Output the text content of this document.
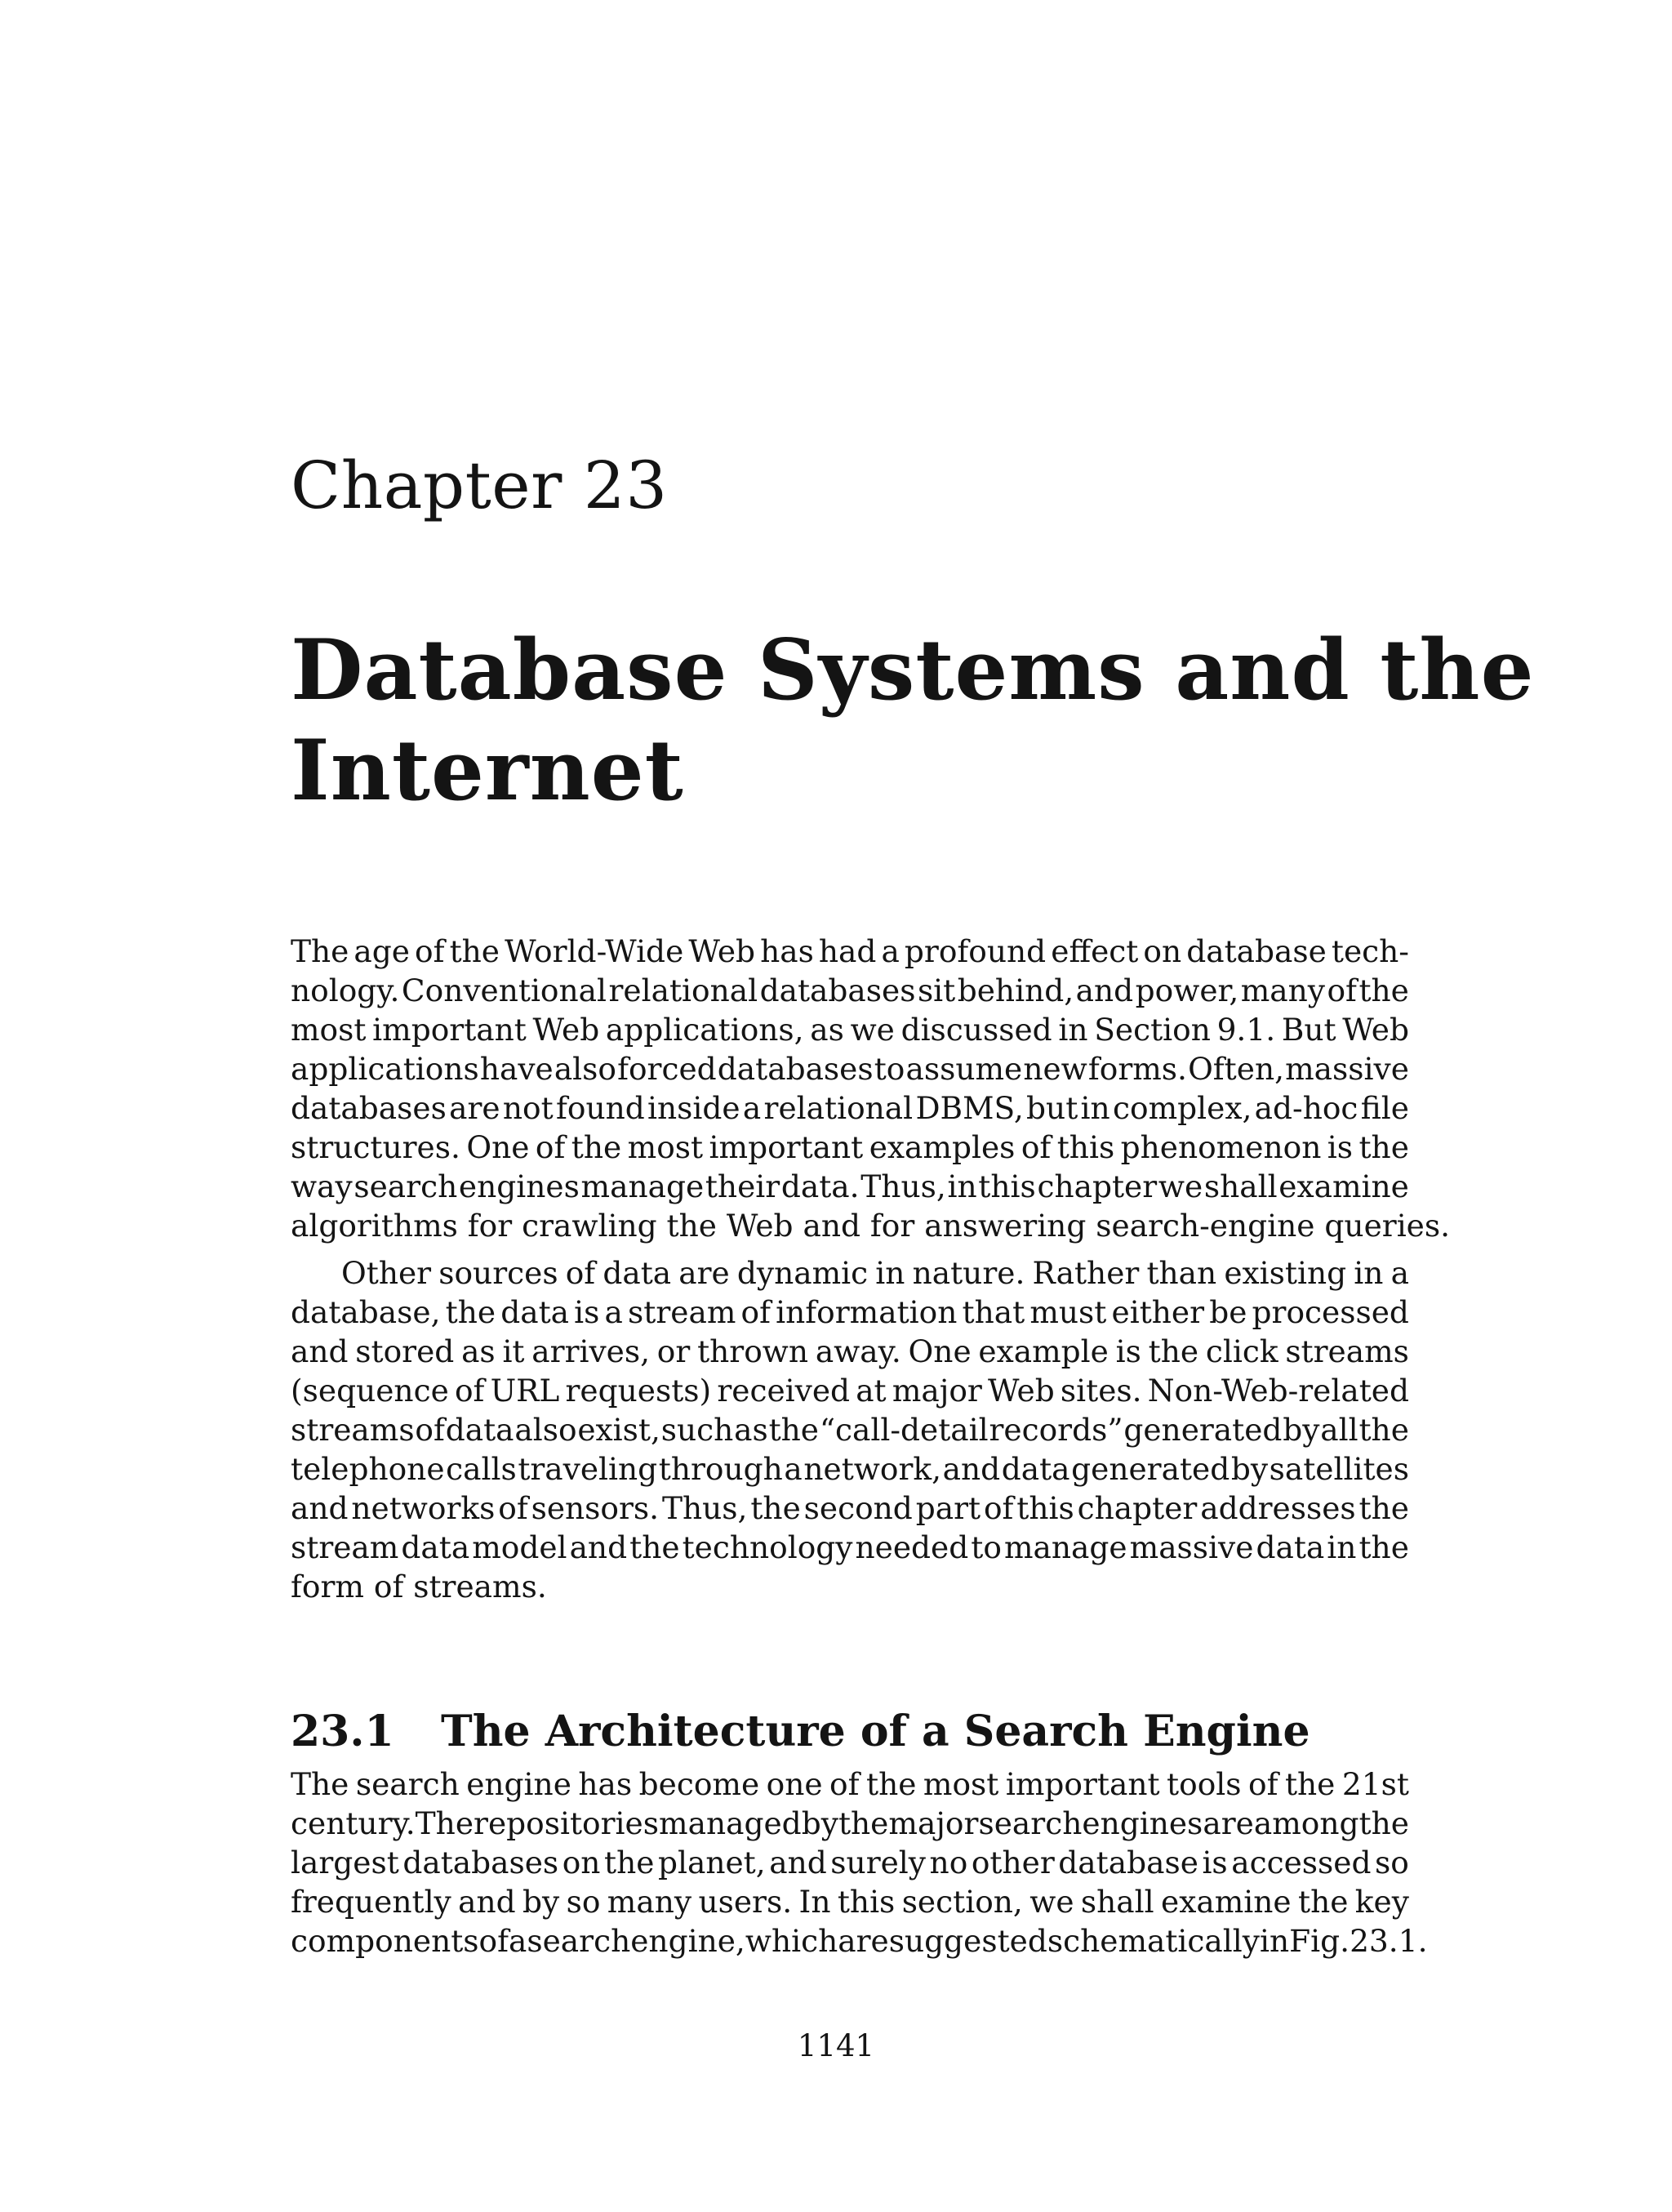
Chapter 23
Database Systems and the
Internet
The age of the World-Wide Web has had a profound effect on database tech-
nology. Conventional relational databases sit behind, and power, many of the
most important Web applications, as we discussed in Section 9.1. But Web
applications have also forced databases to assume new forms. Often, massive
databases are not found inside a relational DBMS, but in complex, ad-hoc file
structures. One of the most important examples of this phenomenon is the
way search engines manage their data. Thus, in this chapter we shall examine
algorithms for crawling the Web and for answering search-engine queries.
Other sources of data are dynamic in nature. Rather than existing in a
database, the data is a stream of information that must either be processed
and stored as it arrives, or thrown away. One example is the click streams
(sequence of URL requests) received at major Web sites. Non-Web-related
streams of data also exist, such as the “call-detail records” generated by all the
telephone calls traveling through a network, and data generated by satellites
and networks of sensors. Thus, the second part of this chapter addresses the
stream data model and the technology needed to manage massive data in the
form of streams.
23.1 The Architecture of a Search Engine
The search engine has become one of the most important tools of the 21st
century. The repositories managed by the major search engines are among the
largest databases on the planet, and surely no other database is accessed so
frequently and by so many users. In this section, we shall examine the key
components of a search engine, which are suggested schematically in Fig. 23.1.
1141
